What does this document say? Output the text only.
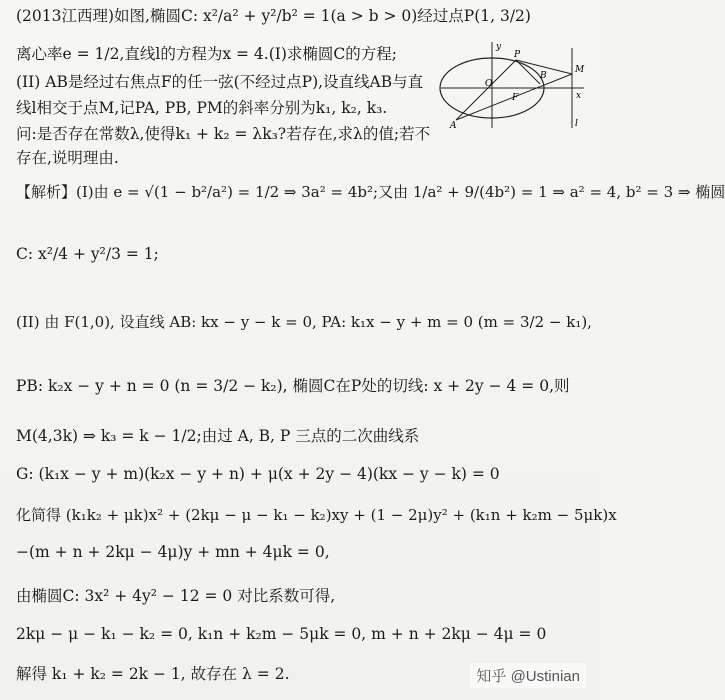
(2013江西理)如图,椭圆C: x²/a² + y²/b² = 1(a > b > 0)经过点P(1, 3/2)
离心率e = 1/2,直线l的方程为x = 4.(I)求椭圆C的方程;
(II) AB是经过右焦点F的任一弦(不经过点P),设直线AB与直
线l相交于点M,记PA, PB, PM的斜率分别为k₁, k₂, k₃.
问:是否存在常数λ,使得k₁ + k₂ = λk₃?若存在,求λ的值;若不
存在,说明理由.
y
P
B
M
O
F	x
A	l
【解析】(I)由 e = √(1 − b²/a²) = 1/2 ⇒ 3a² = 4b²;又由 1/a² + 9/(4b²) = 1 ⇒ a² = 4, b² = 3 ⇒ 椭圆
C: x²/4 + y²/3 = 1;
(II) 由 F(1,0), 设直线 AB: kx − y − k = 0, PA: k₁x − y + m = 0 (m = 3/2 − k₁),
PB: k₂x − y + n = 0 (n = 3/2 − k₂), 椭圆C在P处的切线: x + 2y − 4 = 0,则
M(4,3k) ⇒ k₃ = k − 1/2;由过 A, B, P 三点的二次曲线系
G: (k₁x − y + m)(k₂x − y + n) + μ(x + 2y − 4)(kx − y − k) = 0
化简得 (k₁k₂ + μk)x² + (2kμ − μ − k₁ − k₂)xy + (1 − 2μ)y² + (k₁n + k₂m − 5μk)x
−(m + n + 2kμ − 4μ)y + mn + 4μk = 0,
由椭圆C: 3x² + 4y² − 12 = 0 对比系数可得,
2kμ − μ − k₁ − k₂ = 0, k₁n + k₂m − 5μk = 0, m + n + 2kμ − 4μ = 0
解得 k₁ + k₂ = 2k − 1, 故存在 λ = 2.	知乎 @Ustinian
